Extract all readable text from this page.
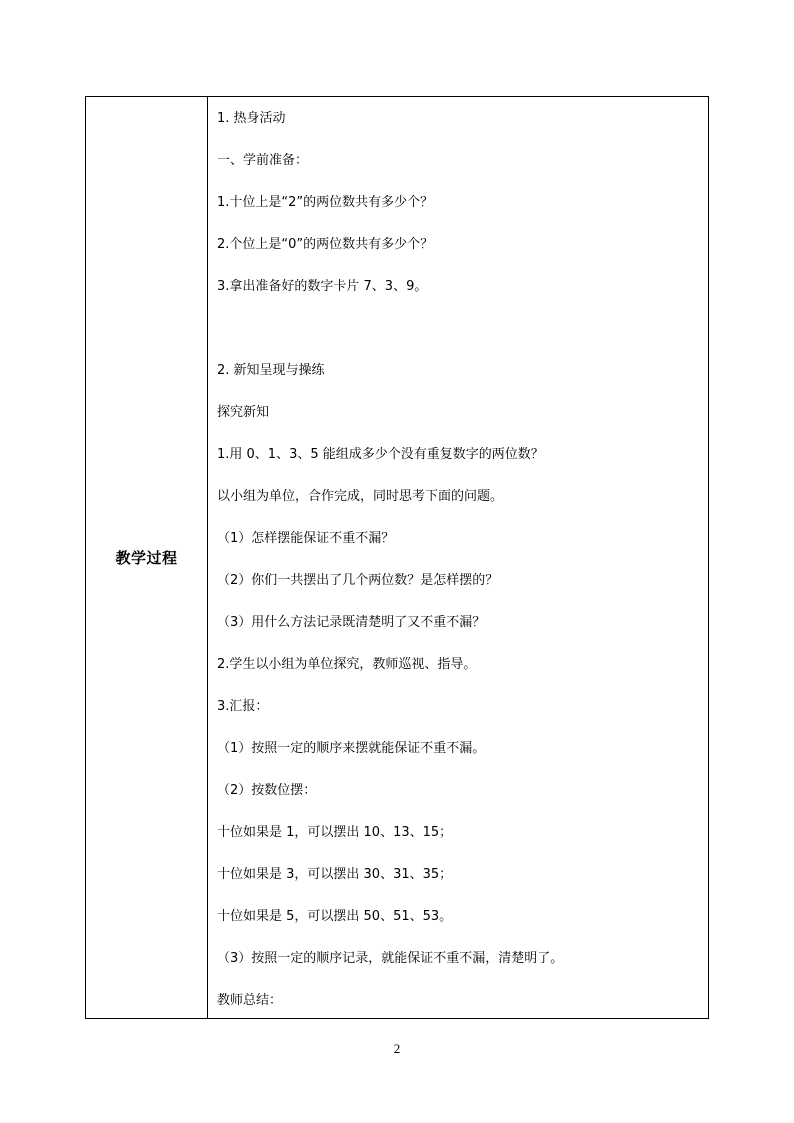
教学过程
1. 热身活动
一、学前准备：
1.十位上是“2”的两位数共有多少个？
2.个位上是“0”的两位数共有多少个？
3.拿出准备好的数字卡片 7、3、9。
2. 新知呈现与操练
探究新知
1.用 0、1、3、5 能组成多少个没有重复数字的两位数？
以小组为单位，合作完成，同时思考下面的问题。
（1）怎样摆能保证不重不漏？
（2）你们一共摆出了几个两位数？是怎样摆的？
（3）用什么方法记录既清楚明了又不重不漏？
2.学生以小组为单位探究，教师巡视、指导。
3.汇报：
（1）按照一定的顺序来摆就能保证不重不漏。
（2）按数位摆：
十位如果是 1，可以摆出 10、13、15；
十位如果是 3，可以摆出 30、31、35；
十位如果是 5，可以摆出 50、51、53。
（3）按照一定的顺序记录，就能保证不重不漏，清楚明了。
教师总结：
2
